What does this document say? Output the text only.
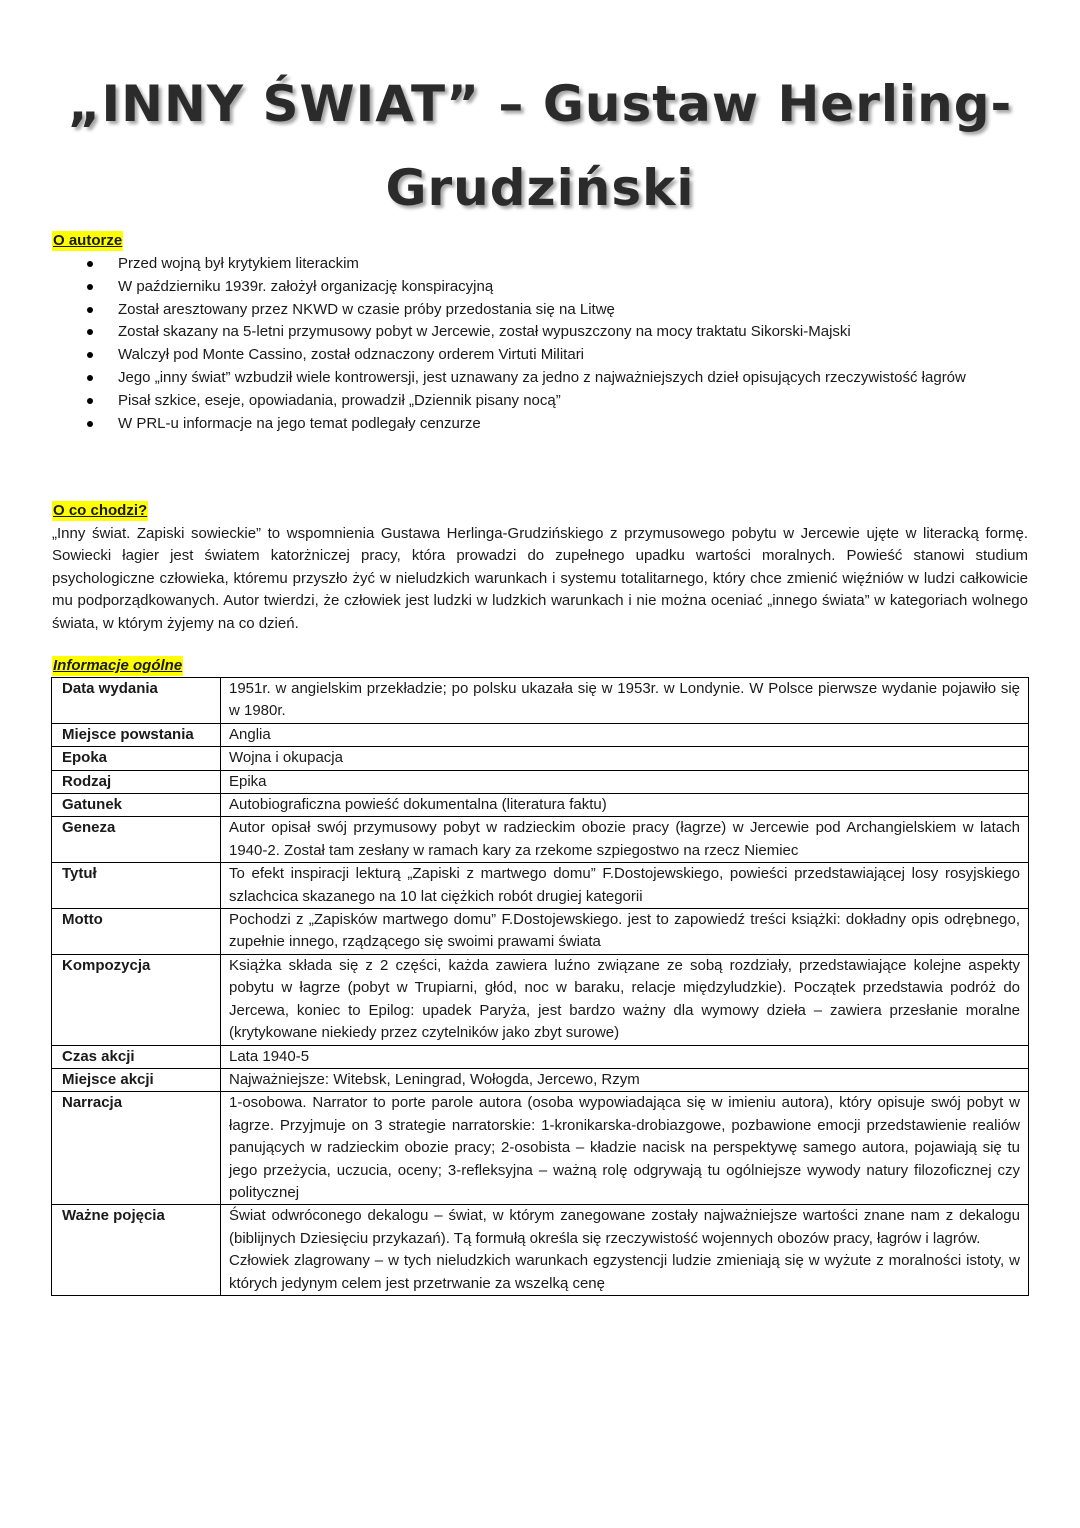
„INNY ŚWIAT” – Gustaw Herling-Grudziński
O autorze
Przed wojną był krytykiem literackim
W październiku 1939r. założył organizację konspiracyjną
Został aresztowany przez NKWD w czasie próby przedostania się na Litwę
Został skazany na 5-letni przymusowy pobyt w Jercewie, został wypuszczony na mocy traktatu Sikorski-Majski
Walczył pod Monte Cassino, został odznaczony orderem Virtuti Militari
Jego „inny świat” wzbudził wiele kontrowersji, jest uznawany za jedno z najważniejszych dzieł opisujących rzeczywistość łagrów
Pisał szkice, eseje, opowiadania, prowadził „Dziennik pisany nocą”
W PRL-u informacje na jego temat podlegały cenzurze
O co chodzi?

„Inny świat. Zapiski sowieckie” to wspomnienia Gustawa Herlinga-Grudzińskiego z przymusowego pobytu w Jercewie ujęte w literacką formę. Sowiecki łagier jest światem katorżniczej pracy, która prowadzi do zupełnego upadku wartości moralnych. Powieść stanowi studium psychologiczne człowieka, któremu przyszło żyć w nieludzkich warunkach i systemu totalitarnego, który chce zmienić więźniów w ludzi całkowicie mu podporządkowanych. Autor twierdzi, że człowiek jest ludzki w ludzkich warunkach i nie można oceniać „innego świata” w kategoriach wolnego świata, w którym żyjemy na co dzień.

Informacje ogólne
Data wydania	1951r. w angielskim przekładzie; po polsku ukazała się w 1953r. w Londynie. W Polsce pierwsze wydanie pojawiło się w 1980r.

Miejsce powstania	Anglia

Epoka	Wojna i okupacja

Rodzaj	Epika

Gatunek	Autobiograficzna powieść dokumentalna (literatura faktu)

Geneza	Autor opisał swój przymusowy pobyt w radzieckim obozie pracy (łagrze) w Jercewie pod Archangielskiem w latach 1940-2. Został tam zesłany w ramach kary za rzekome szpiegostwo na rzecz Niemiec

Tytuł	To efekt inspiracji lekturą „Zapiski z martwego domu” F.Dostojewskiego, powieści przedstawiającej losy rosyjskiego szlachcica skazanego na 10 lat ciężkich robót drugiej kategorii

Motto	Pochodzi z „Zapisków martwego domu” F.Dostojewskiego. jest to zapowiedź treści książki: dokładny opis odrębnego, zupełnie innego, rządzącego się swoimi prawami świata

Kompozycja	Książka składa się z 2 części, każda zawiera luźno związane ze sobą rozdziały, przedstawiające kolejne aspekty pobytu w łagrze (pobyt w Trupiarni, głód, noc w baraku, relacje międzyludzkie). Początek przedstawia podróż do Jercewa, koniec to Epilog: upadek Paryża, jest bardzo ważny dla wymowy dzieła – zawiera przesłanie moralne (krytykowane niekiedy przez czytelników jako zbyt surowe)

Czas akcji	Lata 1940-5

Miejsce akcji	Najważniejsze: Witebsk, Leningrad, Wołogda, Jercewo, Rzym

Narracja	1-osobowa. Narrator to porte parole autora (osoba wypowiadająca się w imieniu autora), który opisuje swój pobyt w łagrze. Przyjmuje on 3 strategie narratorskie: 1-kronikarska-drobiazgowe, pozbawione emocji przedstawienie realiów panujących w radzieckim obozie pracy; 2-osobista – kładzie nacisk na perspektywę samego autora, pojawiają się tu jego przeżycia, uczucia, oceny; 3-refleksyjna – ważną rolę odgrywają tu ogólniejsze wywody natury filozoficznej czy politycznej

Ważne pojęcia	Świat odwróconego dekalogu – świat, w którym zanegowane zostały najważniejsze wartości znane nam z dekalogu (biblijnych Dziesięciu przykazań). Tą formułą określa się rzeczywistość wojennych obozów pracy, łagrów i lagrów.
Człowiek zlagrowany – w tych nieludzkich warunkach egzystencji ludzie zmieniają się w wyżute z moralności istoty, w których jedynym celem jest przetrwanie za wszelką cenę
